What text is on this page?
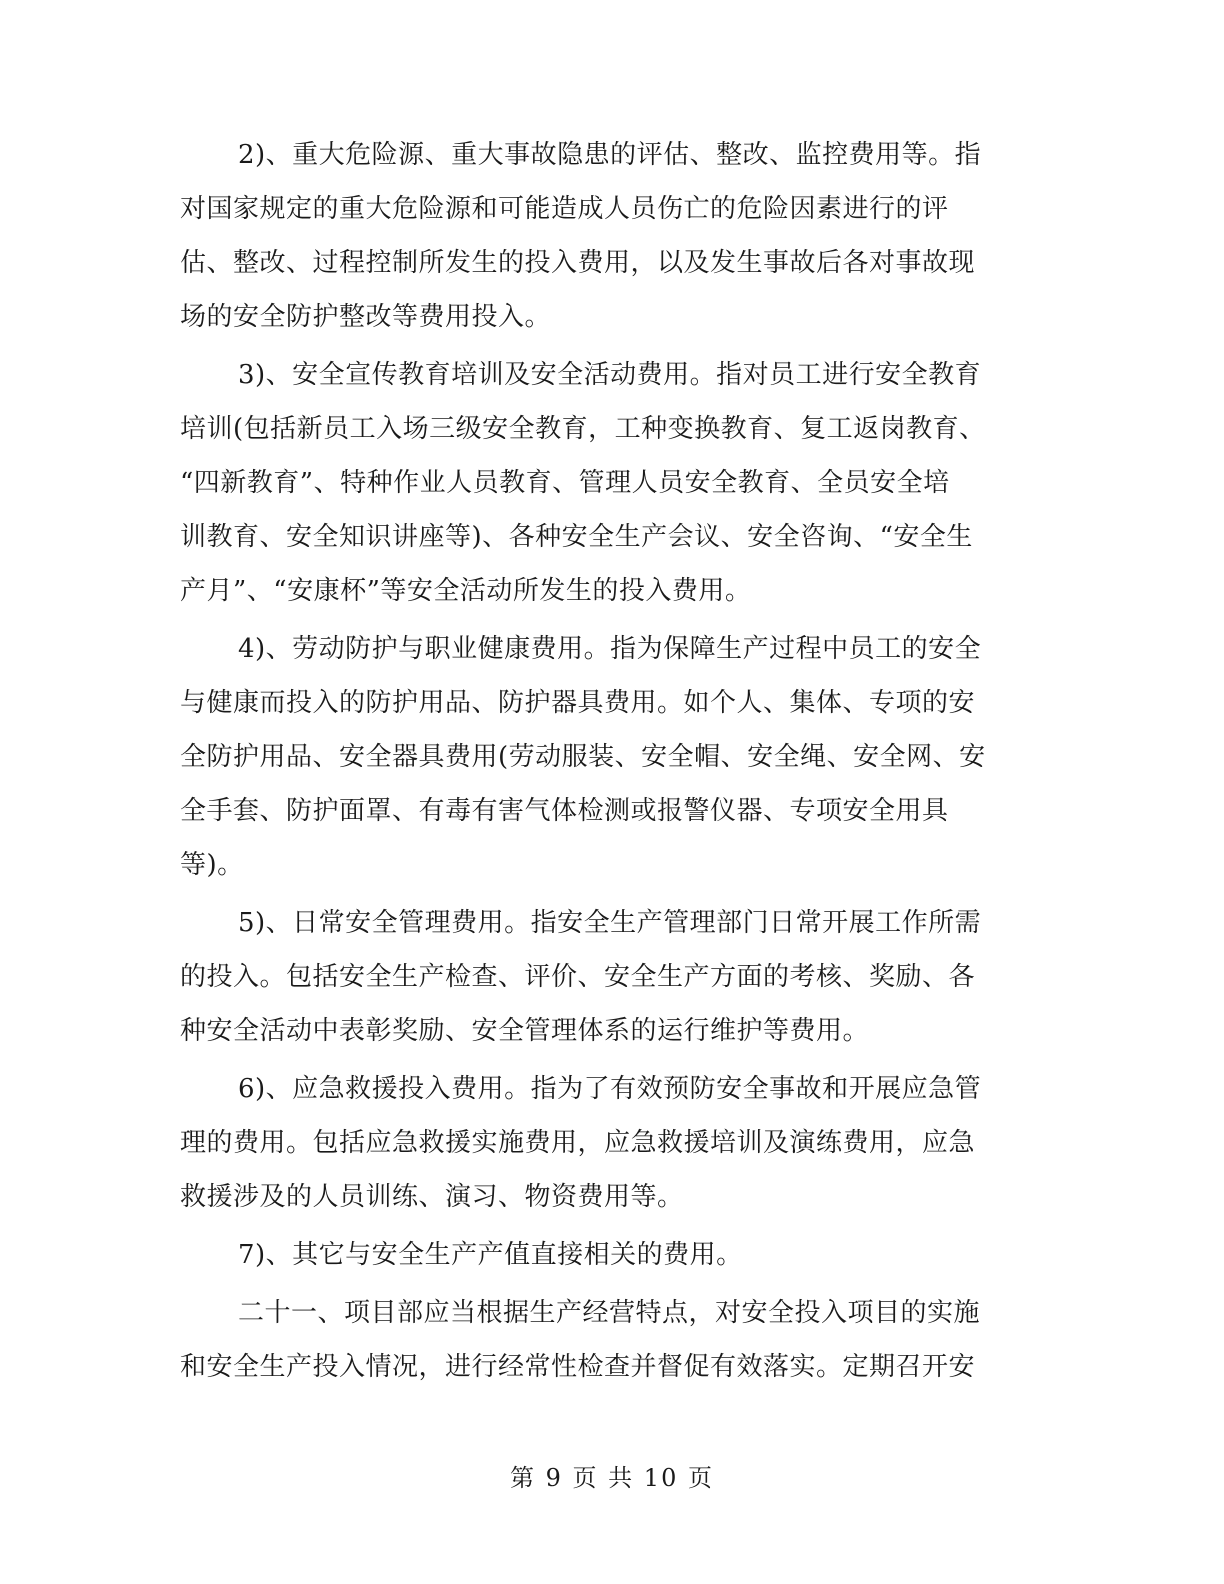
2)、重大危险源、重大事故隐患的评估、整改、监控费用等。指
对国家规定的重大危险源和可能造成人员伤亡的危险因素进行的评
估、整改、过程控制所发生的投入费用，以及发生事故后各对事故现
场的安全防护整改等费用投入。
3)、安全宣传教育培训及安全活动费用。指对员工进行安全教育
培训(包括新员工入场三级安全教育，工种变换教育、复工返岗教育、
“四新教育”、特种作业人员教育、管理人员安全教育、全员安全培
训教育、安全知识讲座等)、各种安全生产会议、安全咨询、“安全生
产月”、“安康杯”等安全活动所发生的投入费用。
4)、劳动防护与职业健康费用。指为保障生产过程中员工的安全
与健康而投入的防护用品、防护器具费用。如个人、集体、专项的安
全防护用品、安全器具费用(劳动服装、安全帽、安全绳、安全网、安
全手套、防护面罩、有毒有害气体检测或报警仪器、专项安全用具
等)。
5)、日常安全管理费用。指安全生产管理部门日常开展工作所需
的投入。包括安全生产检查、评价、安全生产方面的考核、奖励、各
种安全活动中表彰奖励、安全管理体系的运行维护等费用。
6)、应急救援投入费用。指为了有效预防安全事故和开展应急管
理的费用。包括应急救援实施费用，应急救援培训及演练费用，应急
救援涉及的人员训练、演习、物资费用等。
7)、其它与安全生产产值直接相关的费用。
二十一、项目部应当根据生产经营特点，对安全投入项目的实施
和安全生产投入情况，进行经常性检查并督促有效落实。定期召开安
第 9 页 共 10 页
